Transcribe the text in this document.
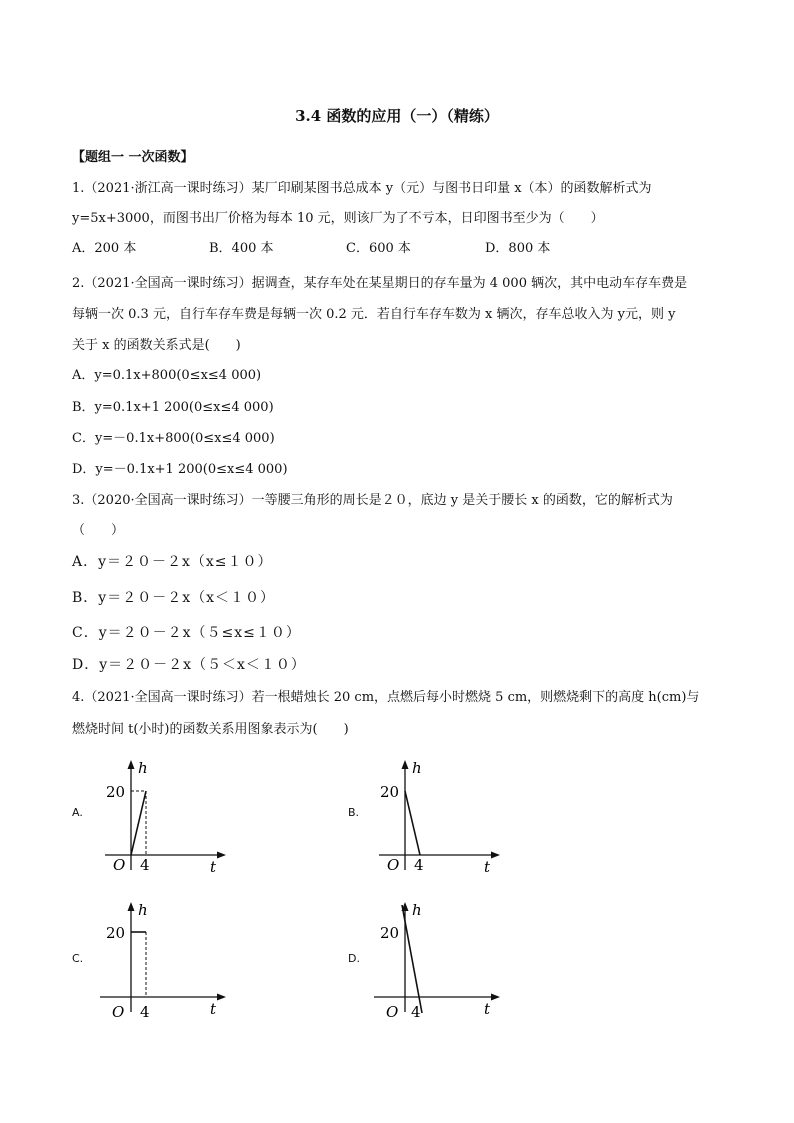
3.4 函数的应用（一）（精练）
【题组一 一次函数】
1.（2021·浙江高一课时练习）某厂印刷某图书总成本 y（元）与图书日印量 x（本）的函数解析式为
y=5x+3000，而图书出厂价格为每本 10 元，则该厂为了不亏本，日印图书至少为（　　）
A．200 本	B．400 本	C．600 本	D．800 本
2.（2021·全国高一课时练习）据调查，某存车处在某星期日的存车量为 4 000 辆次，其中电动车存车费是
每辆一次 0.3 元，自行车存车费是每辆一次 0.2 元．若自行车存车数为 x 辆次，存车总收入为 y元，则 y
关于 x 的函数关系式是(　　)
A．y=0.1x+800(0≤x≤4 000)
B．y=0.1x+1 200(0≤x≤4 000)
C．y=－0.1x+800(0≤x≤4 000)
D．y=－0.1x+1 200(0≤x≤4 000)
3.（2020·全国高一课时练习）一等腰三角形的周长是２０，底边 y 是关于腰长 x 的函数，它的解析式为
（　　）
A．y＝２０－２x（x≤１０）
B．y＝２０－２x（x＜１０）
C．y＝２０－２x（５≤x≤１０）
D．y＝２０－２x（５＜x＜１０）
4.（2021·全国高一课时练习）若一根蜡烛长 20 cm，点燃后每小时燃烧 5 cm，则燃烧剩下的高度 h(cm)与
燃烧时间 t(小时)的函数关系用图象表示为(　　)
A.	B.
C.	D.
h
t
O 4
20
h
t
O 4
20
h
t
O 4
20
h
t
O 4
20
